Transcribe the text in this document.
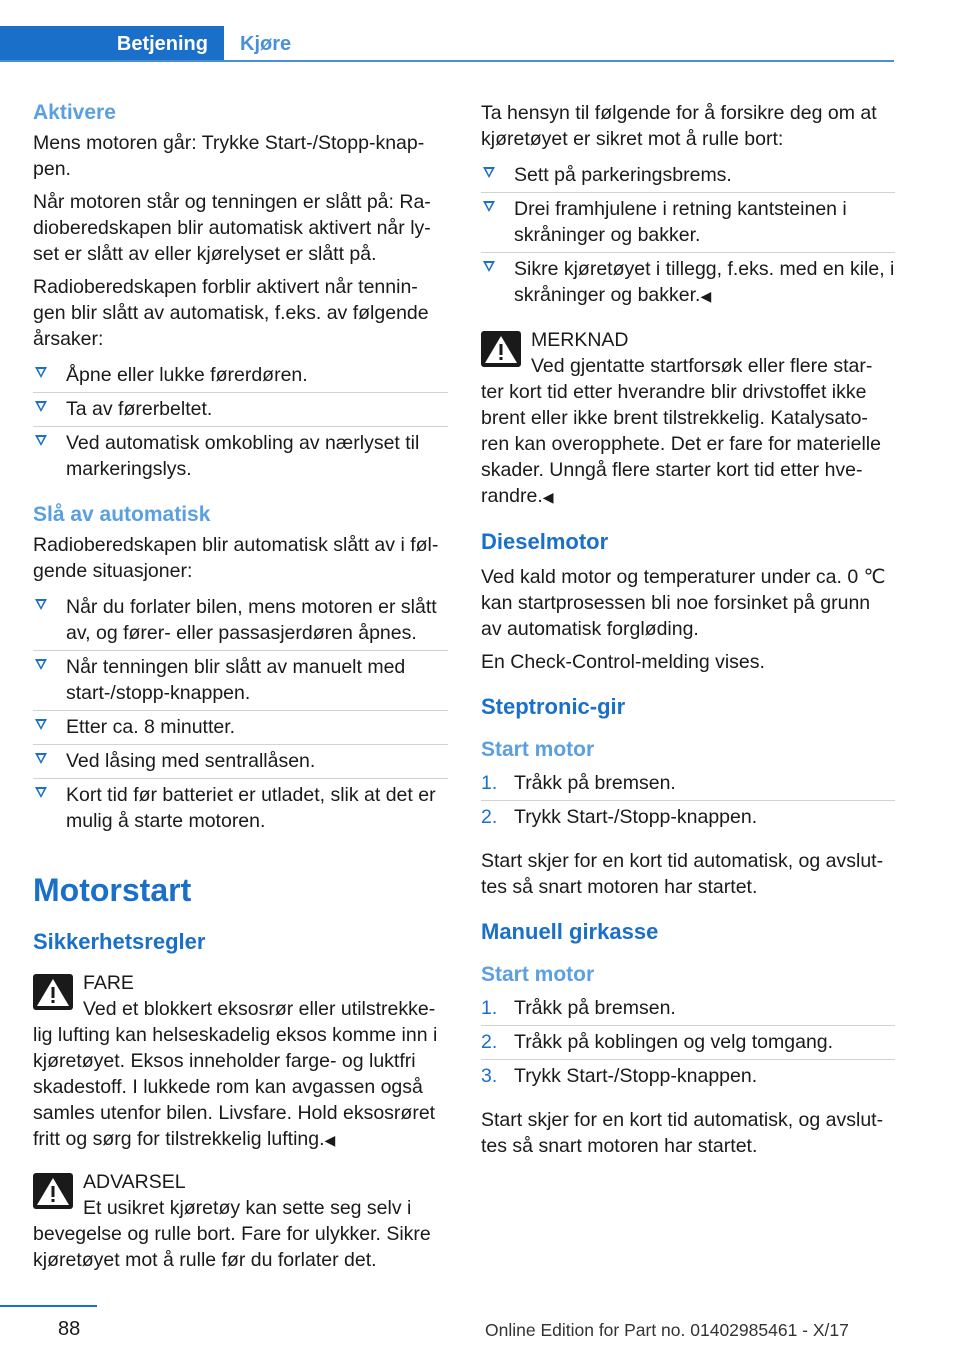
Betjening	Kjøre
Aktivere

Mens motoren går: Trykke Start-/Stopp-knap‐pen.

Når motoren står og tenningen er slått på: Ra‐dioberedskapen blir automatisk aktivert når ly‐set er slått av eller kjørelyset er slått på.

Radioberedskapen forblir aktivert når tennin‐gen blir slått av automatisk, f.eks. av følgende årsaker:

Åpne eller lukke førerdøren.
Ta av førerbeltet.
Ved automatisk omkobling av nærlyset til markeringslys.
Slå av automatisk

Radioberedskapen blir automatisk slått av i føl‐gende situasjoner:

Når du forlater bilen, mens motoren er slått av, og fører- eller passasjerdøren åpnes.
Når tenningen blir slått av manuelt med start-/stopp-knappen.
Etter ca. 8 minutter.
Ved låsing med sentrallåsen.
Kort tid før batteriet er utladet, slik at det er mulig å starte motoren.
Motorstart
Sikkerhetsregler
FARE
Ved et blokkert eksosrør eller utilstrekke‐lig lufting kan helseskadelig eksos komme inn i kjøretøyet. Eksos inneholder farge- og luktfri skadestoff. I lukkede rom kan avgassen også samles utenfor bilen. Livsfare. Hold eksosrøret fritt og sørg for tilstrekkelig lufting.◀
ADVARSEL
Et usikret kjøretøy kan sette seg selv i bevegelse og rulle bort. Fare for ulykker. Sikre kjøretøyet mot å rulle før du forlater det.

Ta hensyn til følgende for å forsikre deg om at kjøretøyet er sikret mot å rulle bort:

Sett på parkeringsbrems.
Drei framhjulene i retning kantsteinen i skråninger og bakker.
Sikre kjøretøyet i tillegg, f.eks. med en kile, i skråninger og bakker.◀
MERKNAD
Ved gjentatte startforsøk eller flere star‐ter kort tid etter hverandre blir drivstoffet ikke brent eller ikke brent tilstrekkelig. Katalysato‐ren kan overopphete. Det er fare for materielle skader. Unngå flere starter kort tid etter hve‐randre.◀
Dieselmotor

Ved kald motor og temperaturer under ca. 0 ℃ kan startprosessen bli noe forsinket på grunn av automatisk forgløding.

En Check-Control-melding vises.

Steptronic-gir
Start motor
1. Tråkk på bremsen.
2. Trykk Start-/Stopp-knappen.

Start skjer for en kort tid automatisk, og avslut‐tes så snart motoren har startet.

Manuell girkasse
Start motor
1. Tråkk på bremsen.
2. Tråkk på koblingen og velg tomgang.
3. Trykk Start-/Stopp-knappen.

Start skjer for en kort tid automatisk, og avslut‐tes så snart motoren har startet.

88	Online Edition for Part no. 01402985461 - X/17
